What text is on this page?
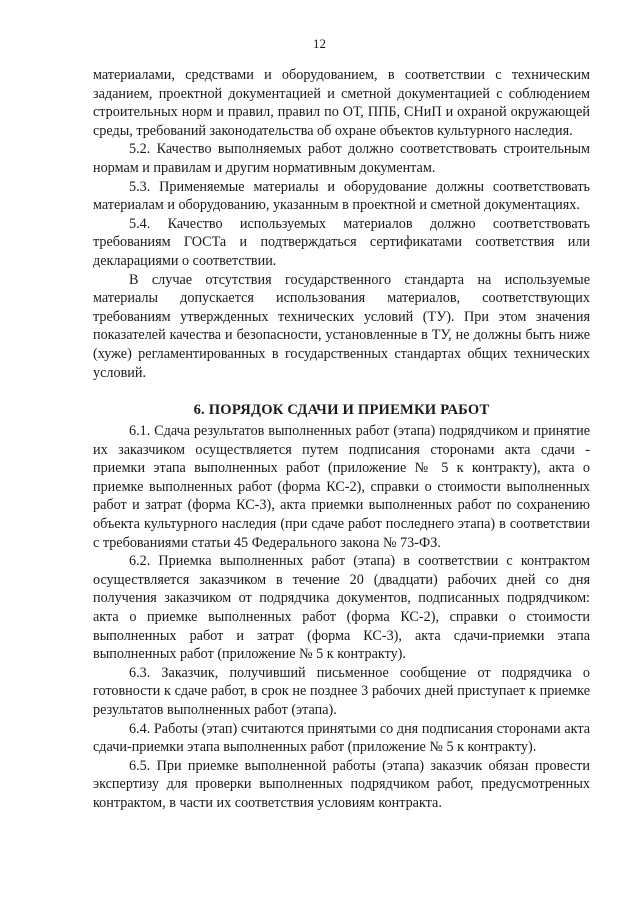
12

материалами, средствами и оборудованием, в соответствии с техническим заданием, проектной документацией и сметной документацией с соблюдением строительных норм и правил, правил по ОТ, ППБ, СНиП и охраной окружающей среды, требований законодательства об охране объектов культурного наследия.

5.2. Качество выполняемых работ должно соответствовать строительным нормам и правилам и другим нормативным документам.

5.3. Применяемые материалы и оборудование должны соответствовать материалам и оборудованию, указанным в проектной и сметной документациях.

5.4. Качество используемых материалов должно соответствовать требованиям ГОСТа и подтверждаться сертификатами соответствия или декларациями о соответствии.

В случае отсутствия государственного стандарта на используемые материалы допускается использования материалов, соответствующих требованиям утвержденных технических условий (ТУ). При этом значения показателей качества и безопасности, установленные в ТУ, не должны быть ниже (хуже) регламентированных в государственных стандартах общих технических условий.

6. ПОРЯДОК СДАЧИ И ПРИЕМКИ РАБОТ

6.1. Сдача результатов выполненных работ (этапа) подрядчиком и принятие их заказчиком осуществляется путем подписания сторонами акта сдачи - приемки этапа выполненных работ (приложение № 5 к контракту), акта о приемке выполненных работ (форма КС-2), справки о стоимости выполненных работ и затрат (форма КС-3), акта приемки выполненных работ по сохранению объекта культурного наследия (при сдаче работ последнего этапа) в соответствии с требованиями статьи 45 Федерального закона № 73-ФЗ.

6.2. Приемка выполненных работ (этапа) в соответствии с контрактом осуществляется заказчиком в течение 20 (двадцати) рабочих дней со дня получения заказчиком от подрядчика документов, подписанных подрядчиком: акта о приемке выполненных работ (форма КС-2), справки о стоимости выполненных работ и затрат (форма КС-3), акта сдачи-приемки этапа выполненных работ (приложение № 5 к контракту).

6.3. Заказчик, получивший письменное сообщение от подрядчика о готовности к сдаче работ, в срок не позднее 3 рабочих дней приступает к приемке результатов выполненных работ (этапа).

6.4. Работы (этап) считаются принятыми со дня подписания сторонами акта сдачи-приемки этапа выполненных работ (приложение № 5 к контракту).

6.5. При приемке выполненной работы (этапа) заказчик обязан провести экспертизу для проверки выполненных подрядчиком работ, предусмотренных контрактом, в части их соответствия условиям контракта.
